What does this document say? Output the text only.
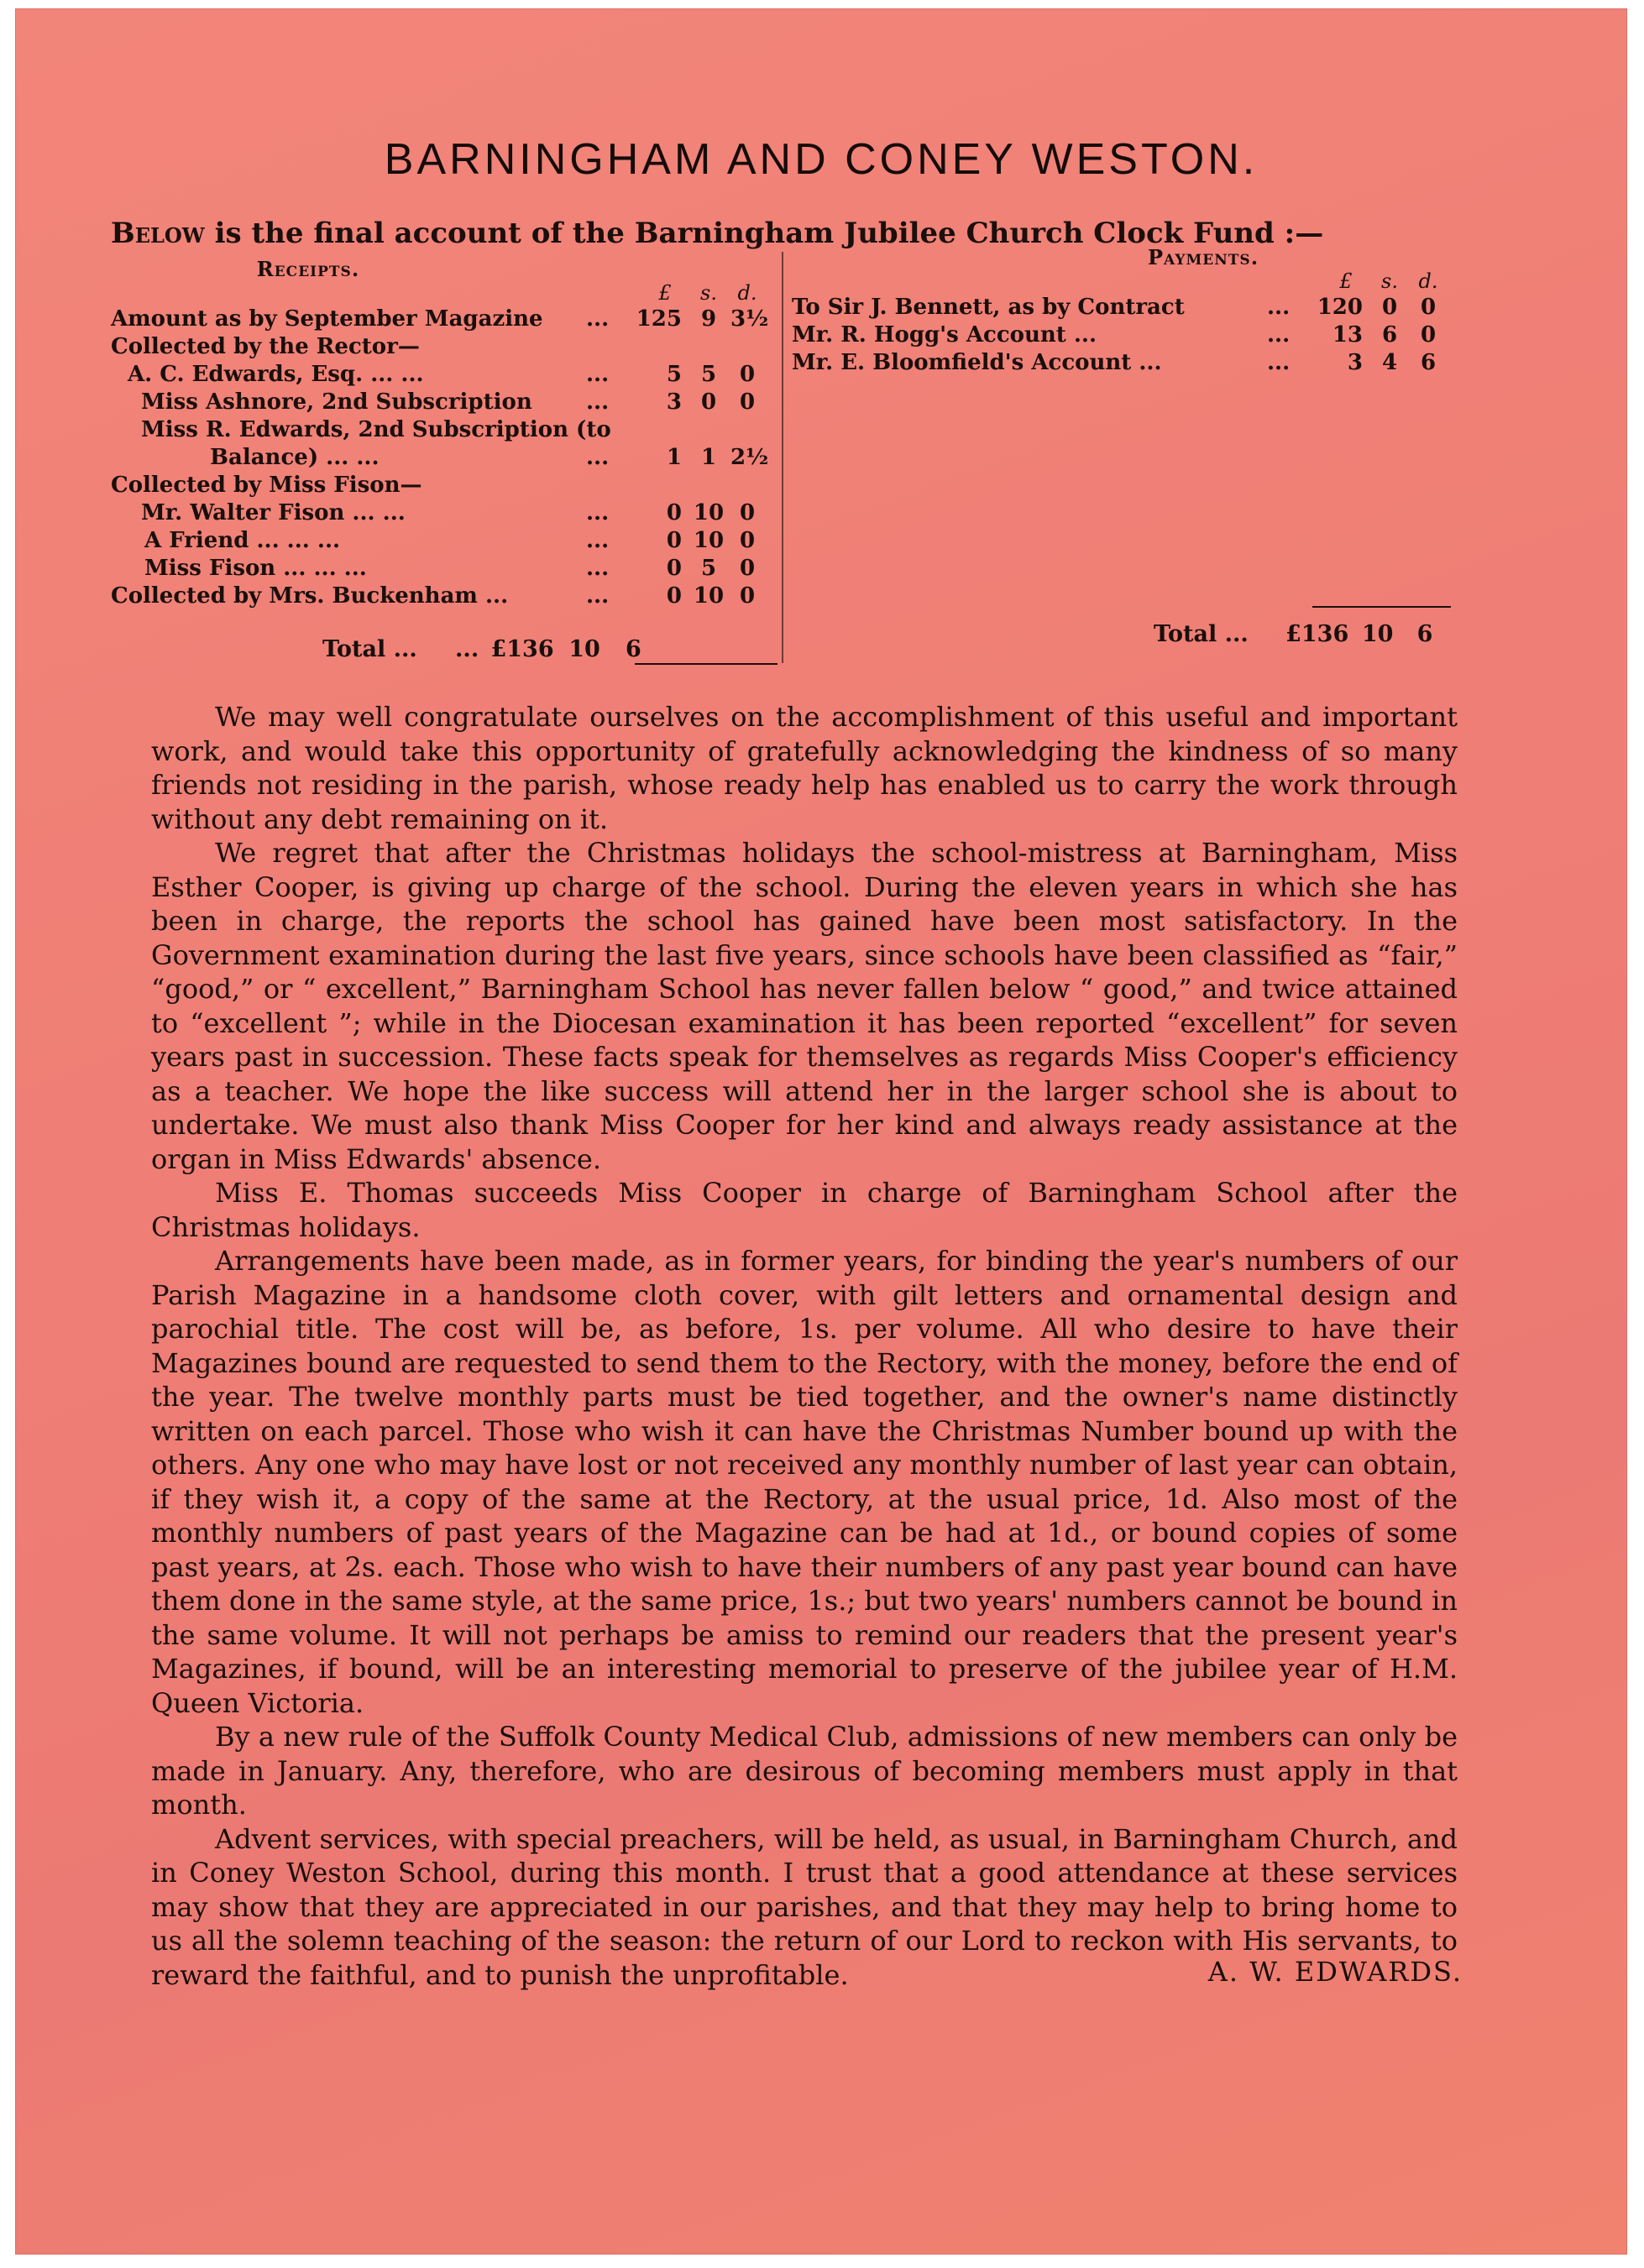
BARNINGHAM AND CONEY WESTON.
Below is the final account of the Barningham Jubilee Church Clock Fund :—
Receipts.
£	s.	d.
Amount as by September Magazine ...	125 9 3½
Collected by the Rector—
A. C. Edwards, Esq. ... ...	...	5 5	0
Miss Ashnore, 2nd Subscription ...	3 0	0
Miss R. Edwards, 2nd Subscription (to
Balance) ... ...	...	1 1 2½
Collected by Miss Fison—
Mr. Walter Fison ... ...	...	0 10 0
A Friend ... ... ...	...	0 10 0
Miss Fison ... ... ...	...	0 5	0
Collected by Mrs. Buckenham ...	...	0 10 0
Payments.
£	s.	d.
To Sir J. Bennett, as by Contract	...	120 0	0
Mr. R. Hogg's Account ...	...	13 6	0
Mr. E. Bloomfield's Account ...	...	3 4	6
Total ... ... £136 10 6
Total ... £136 10 6

We may well congratulate ourselves on the accomplishment of this useful and important work, and would take this opportunity of gratefully acknowledging the kindness of so many friends not residing in the parish, whose ready help has enabled us to carry the work through without any debt remaining on it.

We regret that after the Christmas holidays the school-mistress at Barningham, Miss Esther Cooper, is giving up charge of the school. During the eleven years in which she has been in charge, the reports the school has gained have been most satisfactory. In the Government examination during the last five years, since schools have been classified as “fair,” “good,” or “ excellent,” Barningham School has never fallen below “ good,” and twice attained to “excellent ”; while in the Diocesan examination it has been reported “excellent” for seven years past in succession. These facts speak for themselves as regards Miss Cooper's efficiency as a teacher. We hope the like success will attend her in the larger school she is about to undertake. We must also thank Miss Cooper for her kind and always ready assistance at the organ in Miss Edwards' absence.

Miss E. Thomas succeeds Miss Cooper in charge of Barningham School after the Christmas holidays.

Arrangements have been made, as in former years, for binding the year's numbers of our Parish Magazine in a handsome cloth cover, with gilt letters and ornamental design and parochial title. The cost will be, as before, 1s. per volume. All who desire to have their Magazines bound are requested to send them to the Rectory, with the money, before the end of the year. The twelve monthly parts must be tied together, and the owner's name distinctly written on each parcel. Those who wish it can have the Christmas Number bound up with the others. Any one who may have lost or not received any monthly number of last year can obtain, if they wish it, a copy of the same at the Rectory, at the usual price, 1d. Also most of the monthly numbers of past years of the Magazine can be had at 1d., or bound copies of some past years, at 2s. each. Those who wish to have their numbers of any past year bound can have them done in the same style, at the same price, 1s.; but two years' numbers cannot be bound in the same volume. It will not perhaps be amiss to remind our readers that the present year's Magazines, if bound, will be an interesting memorial to preserve of the jubilee year of H.M. Queen Victoria.

By a new rule of the Suffolk County Medical Club, admissions of new members can only be made in January. Any, therefore, who are desirous of becoming members must apply in that month.

Advent services, with special preachers, will be held, as usual, in Barningham Church, and in Coney Weston School, during this month. I trust that a good attendance at these services may show that they are appreciated in our parishes, and that they may help to bring home to us all the solemn teaching of the season: the return of our Lord to reckon with His servants, to reward the faithful, and to punish the unprofitable.	A. W. EDWARDS.
